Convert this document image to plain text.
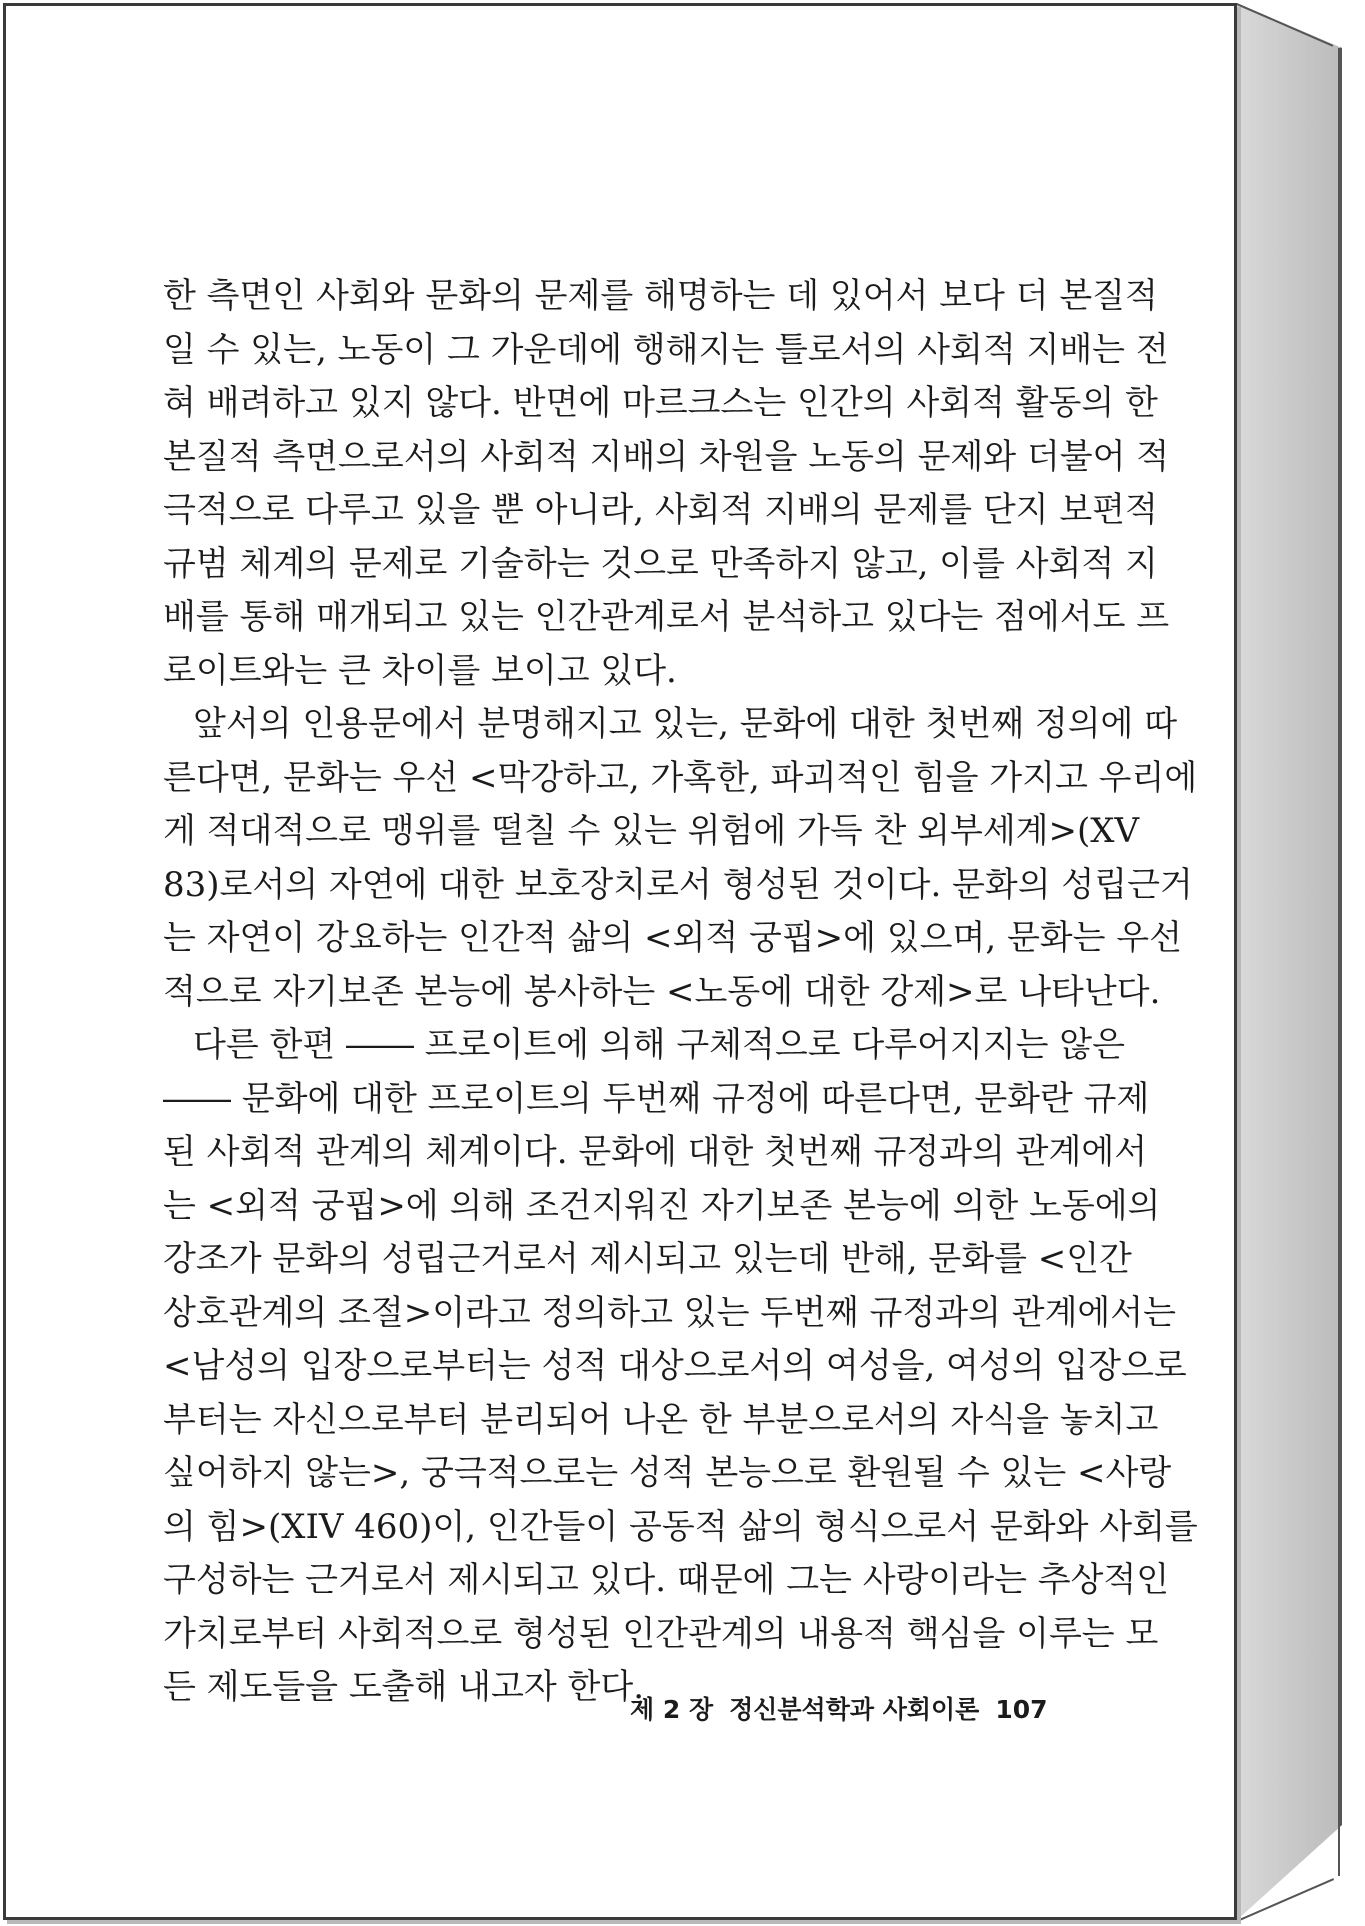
한 측면인 사회와 문화의 문제를 해명하는 데 있어서 보다 더 본질적
일 수 있는, 노동이 그 가운데에 행해지는 틀로서의 사회적 지배는 전
혀 배려하고 있지 않다. 반면에 마르크스는 인간의 사회적 활동의 한
본질적 측면으로서의 사회적 지배의 차원을 노동의 문제와 더불어 적
극적으로 다루고 있을 뿐 아니라, 사회적 지배의 문제를 단지 보편적
규범 체계의 문제로 기술하는 것으로 만족하지 않고, 이를 사회적 지
배를 통해 매개되고 있는 인간관계로서 분석하고 있다는 점에서도 프
로이트와는 큰 차이를 보이고 있다.
앞서의 인용문에서 분명해지고 있는, 문화에 대한 첫번째 정의에 따
른다면, 문화는 우선 <막강하고, 가혹한, 파괴적인 힘을 가지고 우리에
게 적대적으로 맹위를 떨칠 수 있는 위험에 가득 찬 외부세계>(XV
83)로서의 자연에 대한 보호장치로서 형성된 것이다. 문화의 성립근거
는 자연이 강요하는 인간적 삶의 <외적 궁핍>에 있으며, 문화는 우선
적으로 자기보존 본능에 봉사하는 <노동에 대한 강제>로 나타난다.
다른 한편 ―― 프로이트에 의해 구체적으로 다루어지지는 않은
―― 문화에 대한 프로이트의 두번째 규정에 따른다면, 문화란 규제
된 사회적 관계의 체계이다. 문화에 대한 첫번째 규정과의 관계에서
는 <외적 궁핍>에 의해 조건지워진 자기보존 본능에 의한 노동에의
강조가 문화의 성립근거로서 제시되고 있는데 반해, 문화를 <인간
상호관계의 조절>이라고 정의하고 있는 두번째 규정과의 관계에서는
<남성의 입장으로부터는 성적 대상으로서의 여성을, 여성의 입장으로
부터는 자신으로부터 분리되어 나온 한 부분으로서의 자식을 놓치고
싶어하지 않는>, 궁극적으로는 성적 본능으로 환원될 수 있는 <사랑
의 힘>(XIV 460)이, 인간들이 공동적 삶의 형식으로서 문화와 사회를
구성하는 근거로서 제시되고 있다. 때문에 그는 사랑이라는 추상적인
가치로부터 사회적으로 형성된 인간관계의 내용적 핵심을 이루는 모
든 제도들을 도출해 내고자 한다.
제 2 장 정신분석학과 사회이론 107
